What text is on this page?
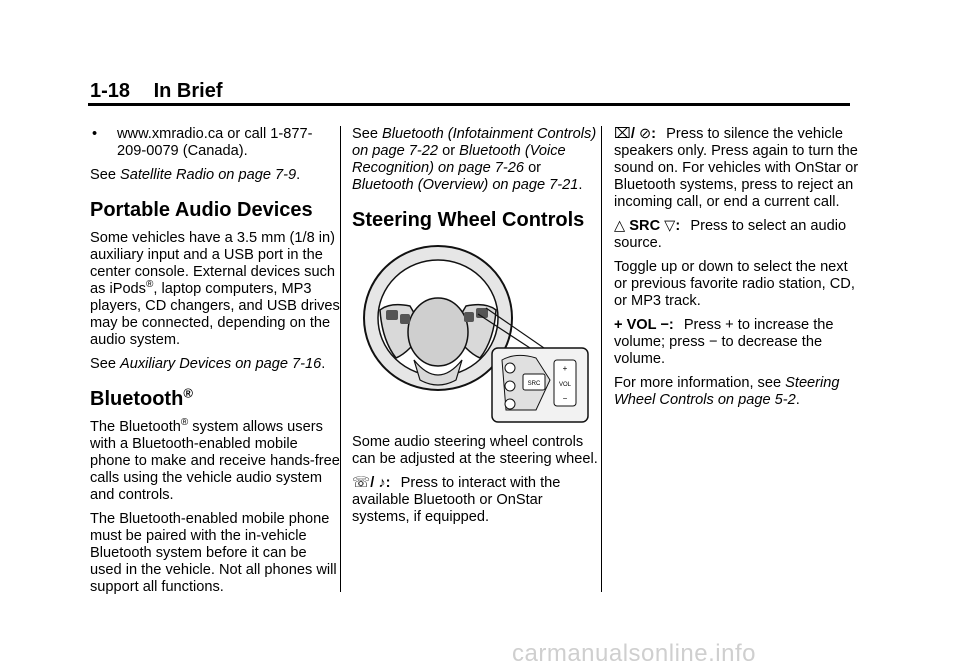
1-18 In Brief
•	www.xmradio.ca or call 1-877-209-0079 (Canada).

See Satellite Radio on page 7-9.

Portable Audio Devices

Some vehicles have a 3.5 mm (1/8 in) auxiliary input and a USB port in the center console. External devices such as iPods®, laptop computers, MP3 players, CD changers, and USB drives may be connected, depending on the audio system.

See Auxiliary Devices on page 7-16.

Bluetooth®

The Bluetooth® system allows users with a Bluetooth-enabled mobile phone to make and receive hands-free calls using the vehicle audio system and controls.

The Bluetooth-enabled mobile phone must be paired with the in-vehicle Bluetooth system before it can be used in the vehicle. Not all phones will support all functions.

See Bluetooth (Infotainment Controls) on page 7-22 or Bluetooth (Voice Recognition) on page 7-26 or Bluetooth (Overview) on page 7-21.

Steering Wheel Controls
SRC
+
VOL
−

Some audio steering wheel controls can be adjusted at the steering wheel.

☏/ ♪: Press to interact with the available Bluetooth or OnStar systems, if equipped.

⌧/ ⊘: Press to silence the vehicle speakers only. Press again to turn the sound on. For vehicles with OnStar or Bluetooth systems, press to reject an incoming call, or end a current call.

△ SRC ▽: Press to select an audio source.

Toggle up or down to select the next or previous favorite radio station, CD, or MP3 track.

+ VOL −: Press + to increase the volume; press − to decrease the volume.

For more information, see Steering Wheel Controls on page 5-2.

carmanualsonline.info
